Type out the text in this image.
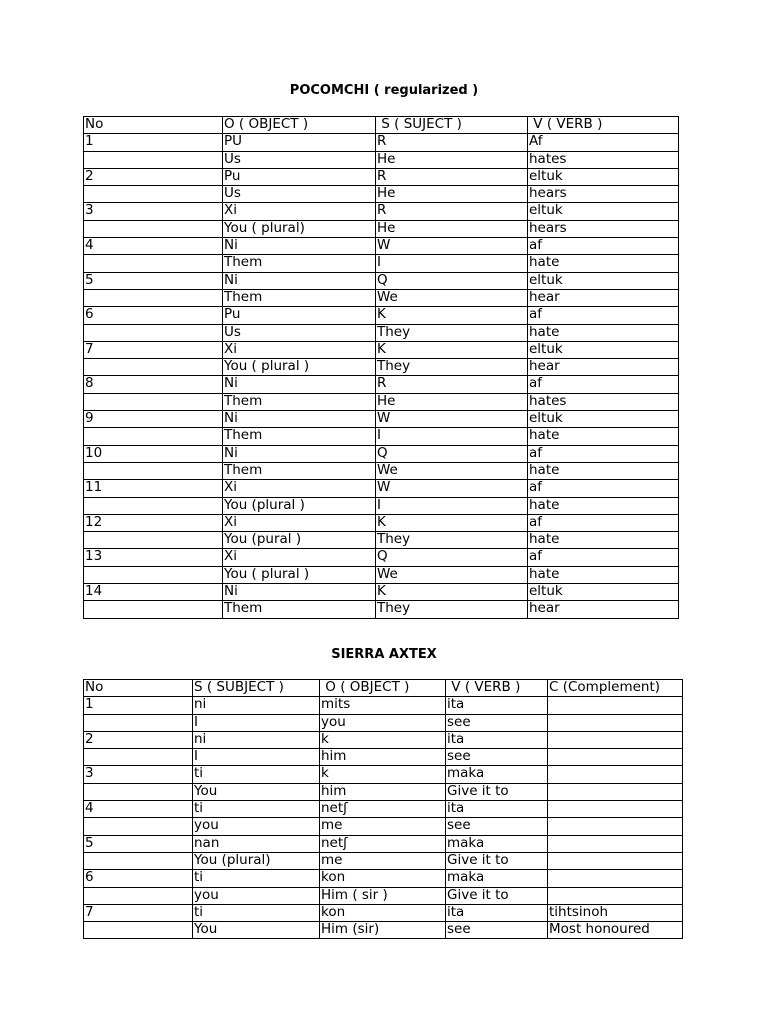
POCOMCHI ( regularized )
No	O ( OBJECT )	S ( SUJECT )	V ( VERB )
1	PU	R	Af
	Us	He	hates
2	Pu	R	eltuk
	Us	He	hears
3	Xi	R	eltuk
	You ( plural)	He	hears
4	Ni	W	af
	Them	I	hate
5	Ni	Q	eltuk
	Them	We	hear
6	Pu	K	af
	Us	They	hate
7	Xi	K	eltuk
	You ( plural )	They	hear
8	Ni	R	af
	Them	He	hates
9	Ni	W	eltuk
	Them	I	hate
10	Ni	Q	af
	Them	We	hate
11	Xi	W	af
	You (plural )	I	hate
12	Xi	K	af
	You (pural )	They	hate
13	Xi	Q	af
	You ( plural )	We	hate
14	Ni	K	eltuk
	Them	They	hear
SIERRA AXTEX
No	S ( SUBJECT )	O ( OBJECT )	V ( VERB )	C (Complement)
1	ni	mits	ita	
	I	you	see	
2	ni	k	ita	
	I	him	see	
3	ti	k	maka	
	You	him	Give it to	
4	ti	netʃ	ita	
	you	me	see	
5	nan	netʃ	maka	
	You (plural)	me	Give it to	
6	ti	kon	maka	
	you	Him ( sir )	Give it to	
7	ti	kon	ita	tihtsinoh
	You	Him (sir)	see	Most honoured
